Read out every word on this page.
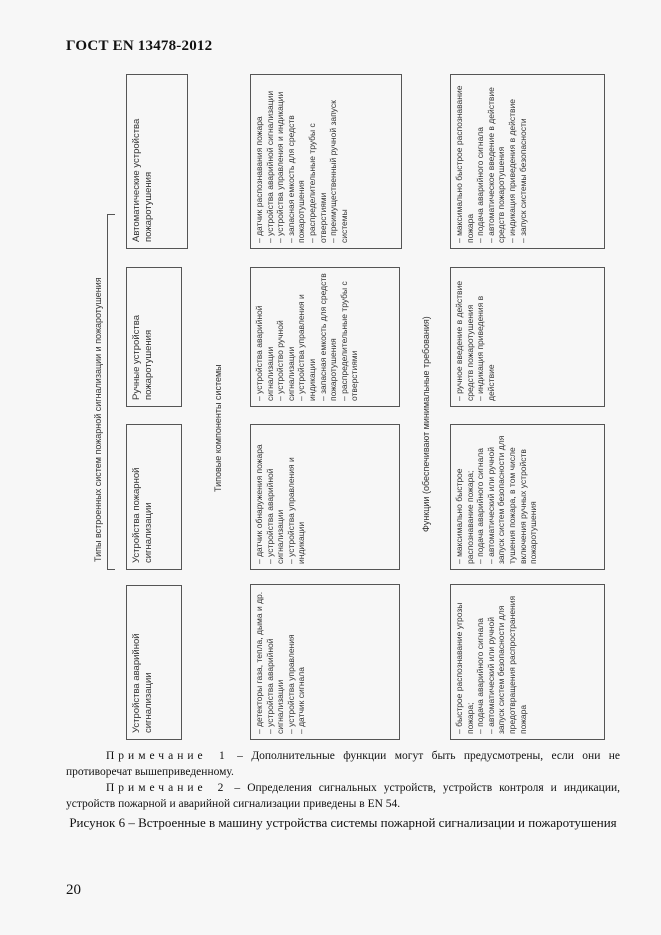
ГОСТ EN 13478-2012
Типы встроенных систем пожарной сигнализации и пожаротушения
Устройства аварийной сигнализации
Устройства пожарной сигнализации
Ручные устройства пожаротушения
Автоматические устройства пожаротушения
Типовые компоненты системы
– детекторы газа, тепла, дыма и др.
– устройства аварийной сигнализации
– устройства управления
– датчик сигнала
– датчик обнаружения пожара
– устройства аварийной сигнализации
– устройства управления и индикации
– устройства аварийной сигнализации
– устройство ручной сигнализации
– устройства управления и индикации
– запасная емкость для средств пожаротушения
– распределительные трубы с отверстиями
– датчик распознавания пожара
– устройства аварийной сигнализации
– устройства управления и индикации
– запасная емкость для средств пожаротушения
– распределительные трубы с отверстиями
– преимущественный ручной запуск системы
Функции (обеспечивают минимальные требования)
– быстрое распознавание угрозы пожара;
– подача аварийного сигнала
– автоматический или ручной запуск систем безопасности для предотвращения распространения пожара
– максимально быстрое распознавание пожара;
– подача аварийного сигнала
– автоматический или ручной запуск систем безопасности для тушения пожара, в том числе включения ручных устройств пожаротушения
– ручное введение в действие средств пожаротушения
– индикация приведения в действие
– максимально быстрое распознавание пожара
– подача аварийного сигнала
– автоматическое введение в действие средств пожаротушения
– индикация приведения в действие
– запуск системы безопасности

Примечание 1 – Дополнительные функции могут быть предусмотрены, если они не противоречат вышеприведенному.

Примечание 2 – Определения сигнальных устройств, устройств контроля и индикации, устройств пожарной и аварийной сигнализации приведены в EN 54.

Рисунок 6 – Встроенные в машину устройства системы пожарной сигнализации и пожаротушения
20
